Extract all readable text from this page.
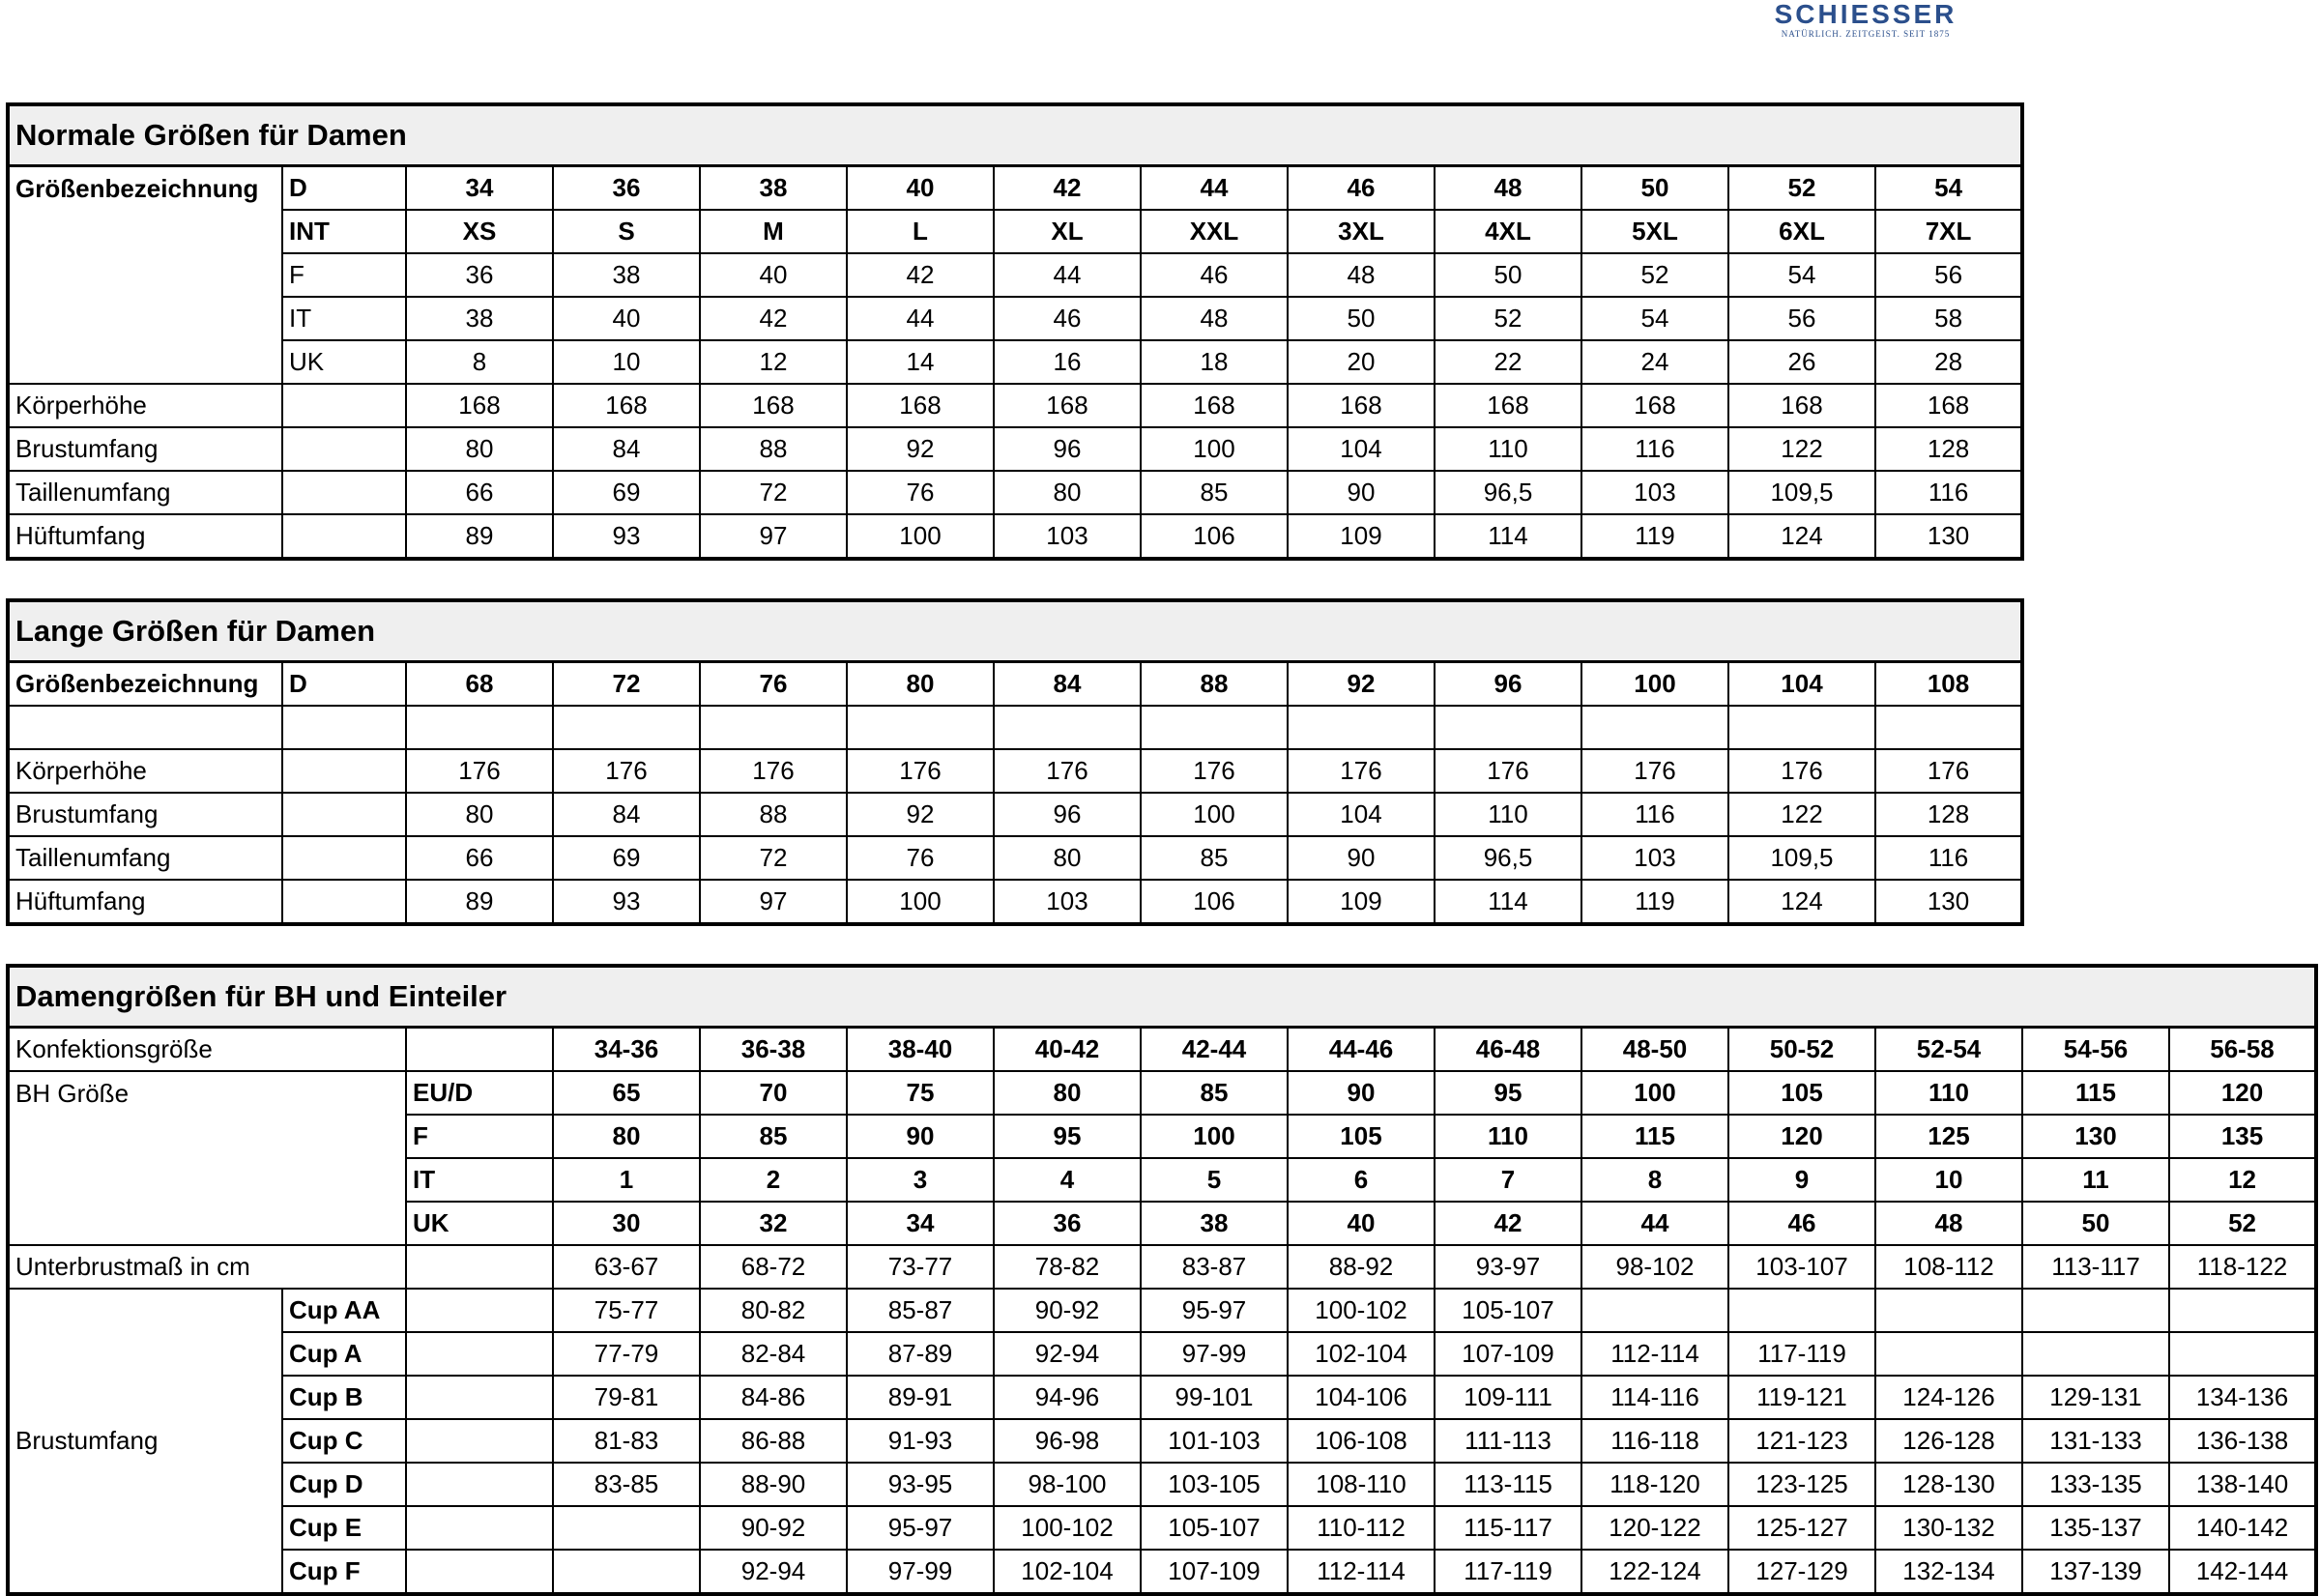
SCHIESSER
NATÜRLICH. ZEITGEIST. SEIT 1875
Normale Größen für Damen												
Größenbezeichnung	D	34	36	38	40	42	44	46	48	50	52	54
	INT	XS	S	M	L	XL	XXL	3XL	4XL	5XL	6XL	7XL
	F	36	38	40	42	44	46	48	50	52	54	56
	IT	38	40	42	44	46	48	50	52	54	56	58
	UK	8	10	12	14	16	18	20	22	24	26	28
Körperhöhe		168	168	168	168	168	168	168	168	168	168	168
Brustumfang		80	84	88	92	96	100	104	110	116	122	128
Taillenumfang		66	69	72	76	80	85	90	96,5	103	109,5	116
Hüftumfang		89	93	97	100	103	106	109	114	119	124	130
Lange Größen für Damen												
Größenbezeichnung	D	68	72	76	80	84	88	92	96	100	104	108

Körperhöhe		176	176	176	176	176	176	176	176	176	176	176
Brustumfang		80	84	88	92	96	100	104	110	116	122	128
Taillenumfang		66	69	72	76	80	85	90	96,5	103	109,5	116
Hüftumfang		89	93	97	100	103	106	109	114	119	124	130
Damengrößen für BH und Einteiler														
Konfektionsgröße			34-36	36-38	38-40	40-42	42-44	44-46	46-48	48-50	50-52	52-54	54-56	56-58
BH Größe		EU/D	65	70	75	80	85	90	95	100	105	110	115	120
		F	80	85	90	95	100	105	110	115	120	125	130	135
		IT	1	2	3	4	5	6	7	8	9	10	11	12
		UK	30	32	34	36	38	40	42	44	46	48	50	52
Unterbrustmaß in cm			63-67	68-72	73-77	78-82	83-87	88-92	93-97	98-102	103-107	108-112	113-117	118-122
Brustumfang	Cup AA		75-77	80-82	85-87	90-92	95-97	100-102	105-107					
	Cup A		77-79	82-84	87-89	92-94	97-99	102-104	107-109	112-114	117-119			
	Cup B		79-81	84-86	89-91	94-96	99-101	104-106	109-111	114-116	119-121	124-126	129-131	134-136
	Cup C		81-83	86-88	91-93	96-98	101-103	106-108	111-113	116-118	121-123	126-128	131-133	136-138
	Cup D		83-85	88-90	93-95	98-100	103-105	108-110	113-115	118-120	123-125	128-130	133-135	138-140
	Cup E			90-92	95-97	100-102	105-107	110-112	115-117	120-122	125-127	130-132	135-137	140-142
	Cup F			92-94	97-99	102-104	107-109	112-114	117-119	122-124	127-129	132-134	137-139	142-144
